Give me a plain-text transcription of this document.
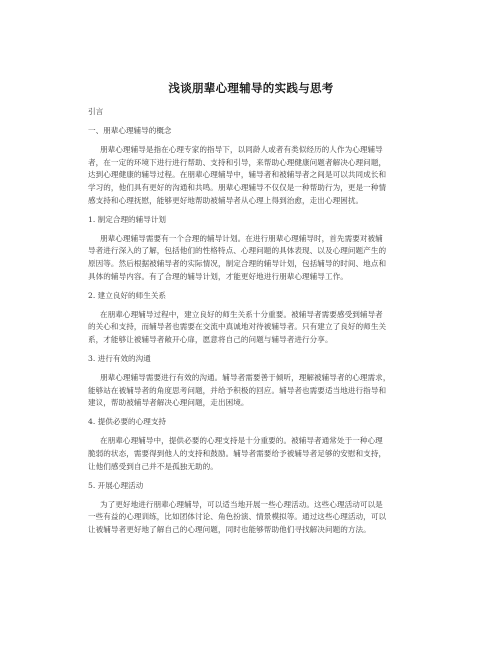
浅谈朋辈心理辅导的实践与思考
引言
一、朋辈心理辅导的概念
朋辈心理辅导是指在心理专家的指导下，以同龄人或者有类似经历的人作为心理辅导
者，在一定的环境下进行进行帮助、支持和引导，来帮助心理健康问题者解决心理问题，
达到心理健康的辅导过程。在朋辈心理辅导中，辅导者和被辅导者之间是可以共同成长和
学习的，他们具有更好的沟通和共鸣。朋辈心理辅导不仅仅是一种帮助行为，更是一种情
感支持和心理抚慰，能够更好地帮助被辅导者从心理上得到治愈，走出心理困扰。
1. 制定合理的辅导计划
朋辈心理辅导需要有一个合理的辅导计划。在进行朋辈心理辅导时，首先需要对被辅
导者进行深入的了解，包括他们的性格特点、心理问题的具体表现、以及心理问题产生的
原因等。然后根据被辅导者的实际情况，制定合理的辅导计划，包括辅导的时间、地点和
具体的辅导内容。有了合理的辅导计划，才能更好地进行朋辈心理辅导工作。
2. 建立良好的师生关系
在朋辈心理辅导过程中，建立良好的师生关系十分重要。被辅导者需要感受到辅导者
的关心和支持，而辅导者也需要在交流中真诚地对待被辅导者。只有建立了良好的师生关
系，才能够让被辅导者敞开心扉，愿意将自己的问题与辅导者进行分享。
3. 进行有效的沟通
朋辈心理辅导需要进行有效的沟通。辅导者需要善于倾听，理解被辅导者的心理需求，
能够站在被辅导者的角度思考问题，并给予积极的回应。辅导者也需要适当地进行指导和
建议，帮助被辅导者解决心理问题，走出困境。
4. 提供必要的心理支持
在朋辈心理辅导中，提供必要的心理支持是十分重要的。被辅导者通常处于一种心理
脆弱的状态，需要得到他人的支持和鼓励。辅导者需要给予被辅导者足够的安慰和支持，
让他们感受到自己并不是孤独无助的。
5. 开展心理活动
为了更好地进行朋辈心理辅导，可以适当地开展一些心理活动。这些心理活动可以是
一些有益的心理训练，比如团体讨论、角色扮演、情景模拟等。通过这些心理活动，可以
让被辅导者更好地了解自己的心理问题，同时也能够帮助他们寻找解决问题的方法。
